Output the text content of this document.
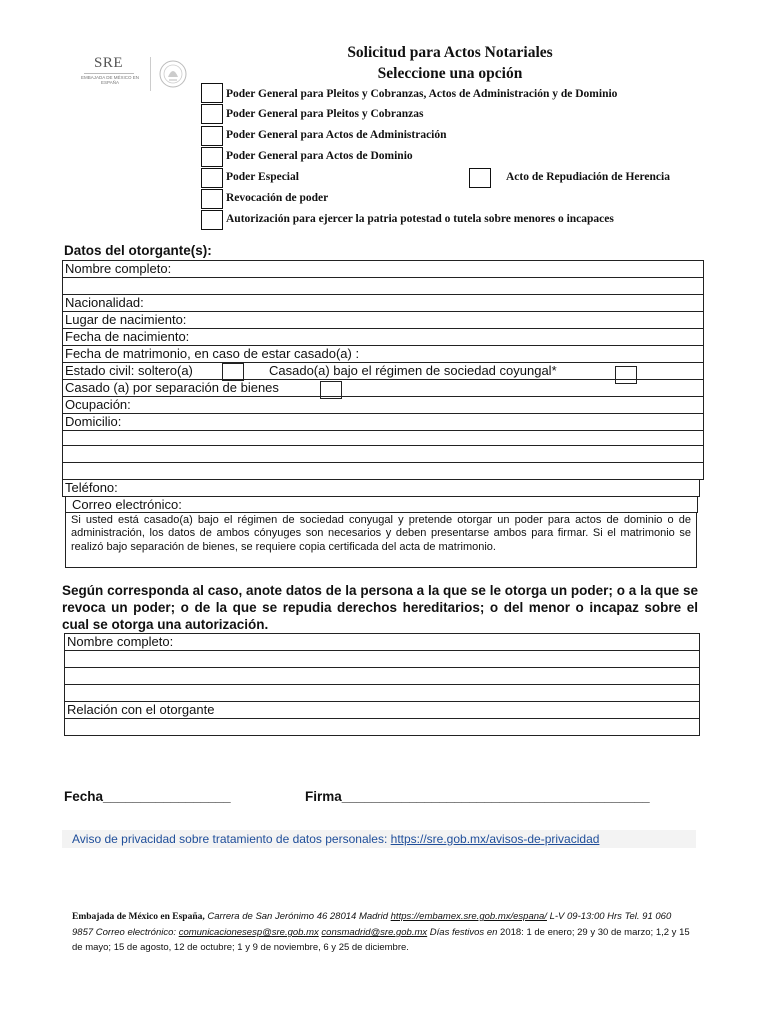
SRE
EMBAJADA DE MÉXICO EN ESPAÑA
Solicitud para Actos Notariales
Seleccione una opción
Poder General para Pleitos y Cobranzas, Actos de Administración y de Dominio
Poder General para Pleitos y Cobranzas
Poder General para Actos de Administración
Poder General para Actos de Dominio
Poder Especial	Acto de Repudiación de Herencia
Revocación de poder
Autorización para ejercer la patria potestad o tutela sobre menores o incapaces
Datos del otorgante(s):
Nombre completo:
Nacionalidad:
Lugar de nacimiento:
Fecha de nacimiento:
Fecha de matrimonio, en caso de estar casado(a) :
Estado civil: soltero(a)	Casado(a) bajo el régimen de sociedad coyungal*
Casado (a) por separación de bienes
Ocupación:
Domicilio:
Teléfono:
Correo electrónico:
Si usted está casado(a) bajo el régimen de sociedad conyugal y pretende otorgar un poder para actos de dominio o de administración, los datos de ambos cónyuges son necesarios y deben presentarse ambos para firmar. Si el matrimonio se realizó bajo separación de bienes, se requiere copia certificada del acta de matrimonio.
Según corresponda al caso, anote datos de la persona a la que se le otorga un poder; o a la que se revoca un poder; o de la que se repudia derechos hereditarios; o del menor o incapaz sobre el cual se otorga una autorización.
Nombre completo:
Relación con el otorgante
Fecha_________________	Firma_________________________________________
Aviso de privacidad sobre tratamiento de datos personales: https://sre.gob.mx/avisos-de-privacidad
Embajada de México en España, Carrera de San Jerónimo 46 28014 Madrid https://embamex.sre.gob.mx/espana/ L-V 09-13:00 Hrs Tel. 91 060 9857 Correo electrónico: comunicacionesesp@sre.gob.mx consmadrid@sre.gob.mx Días festivos en 2018: 1 de enero; 29 y 30 de marzo; 1,2 y 15 de mayo; 15 de agosto, 12 de octubre; 1 y 9 de noviembre, 6 y 25 de diciembre.
